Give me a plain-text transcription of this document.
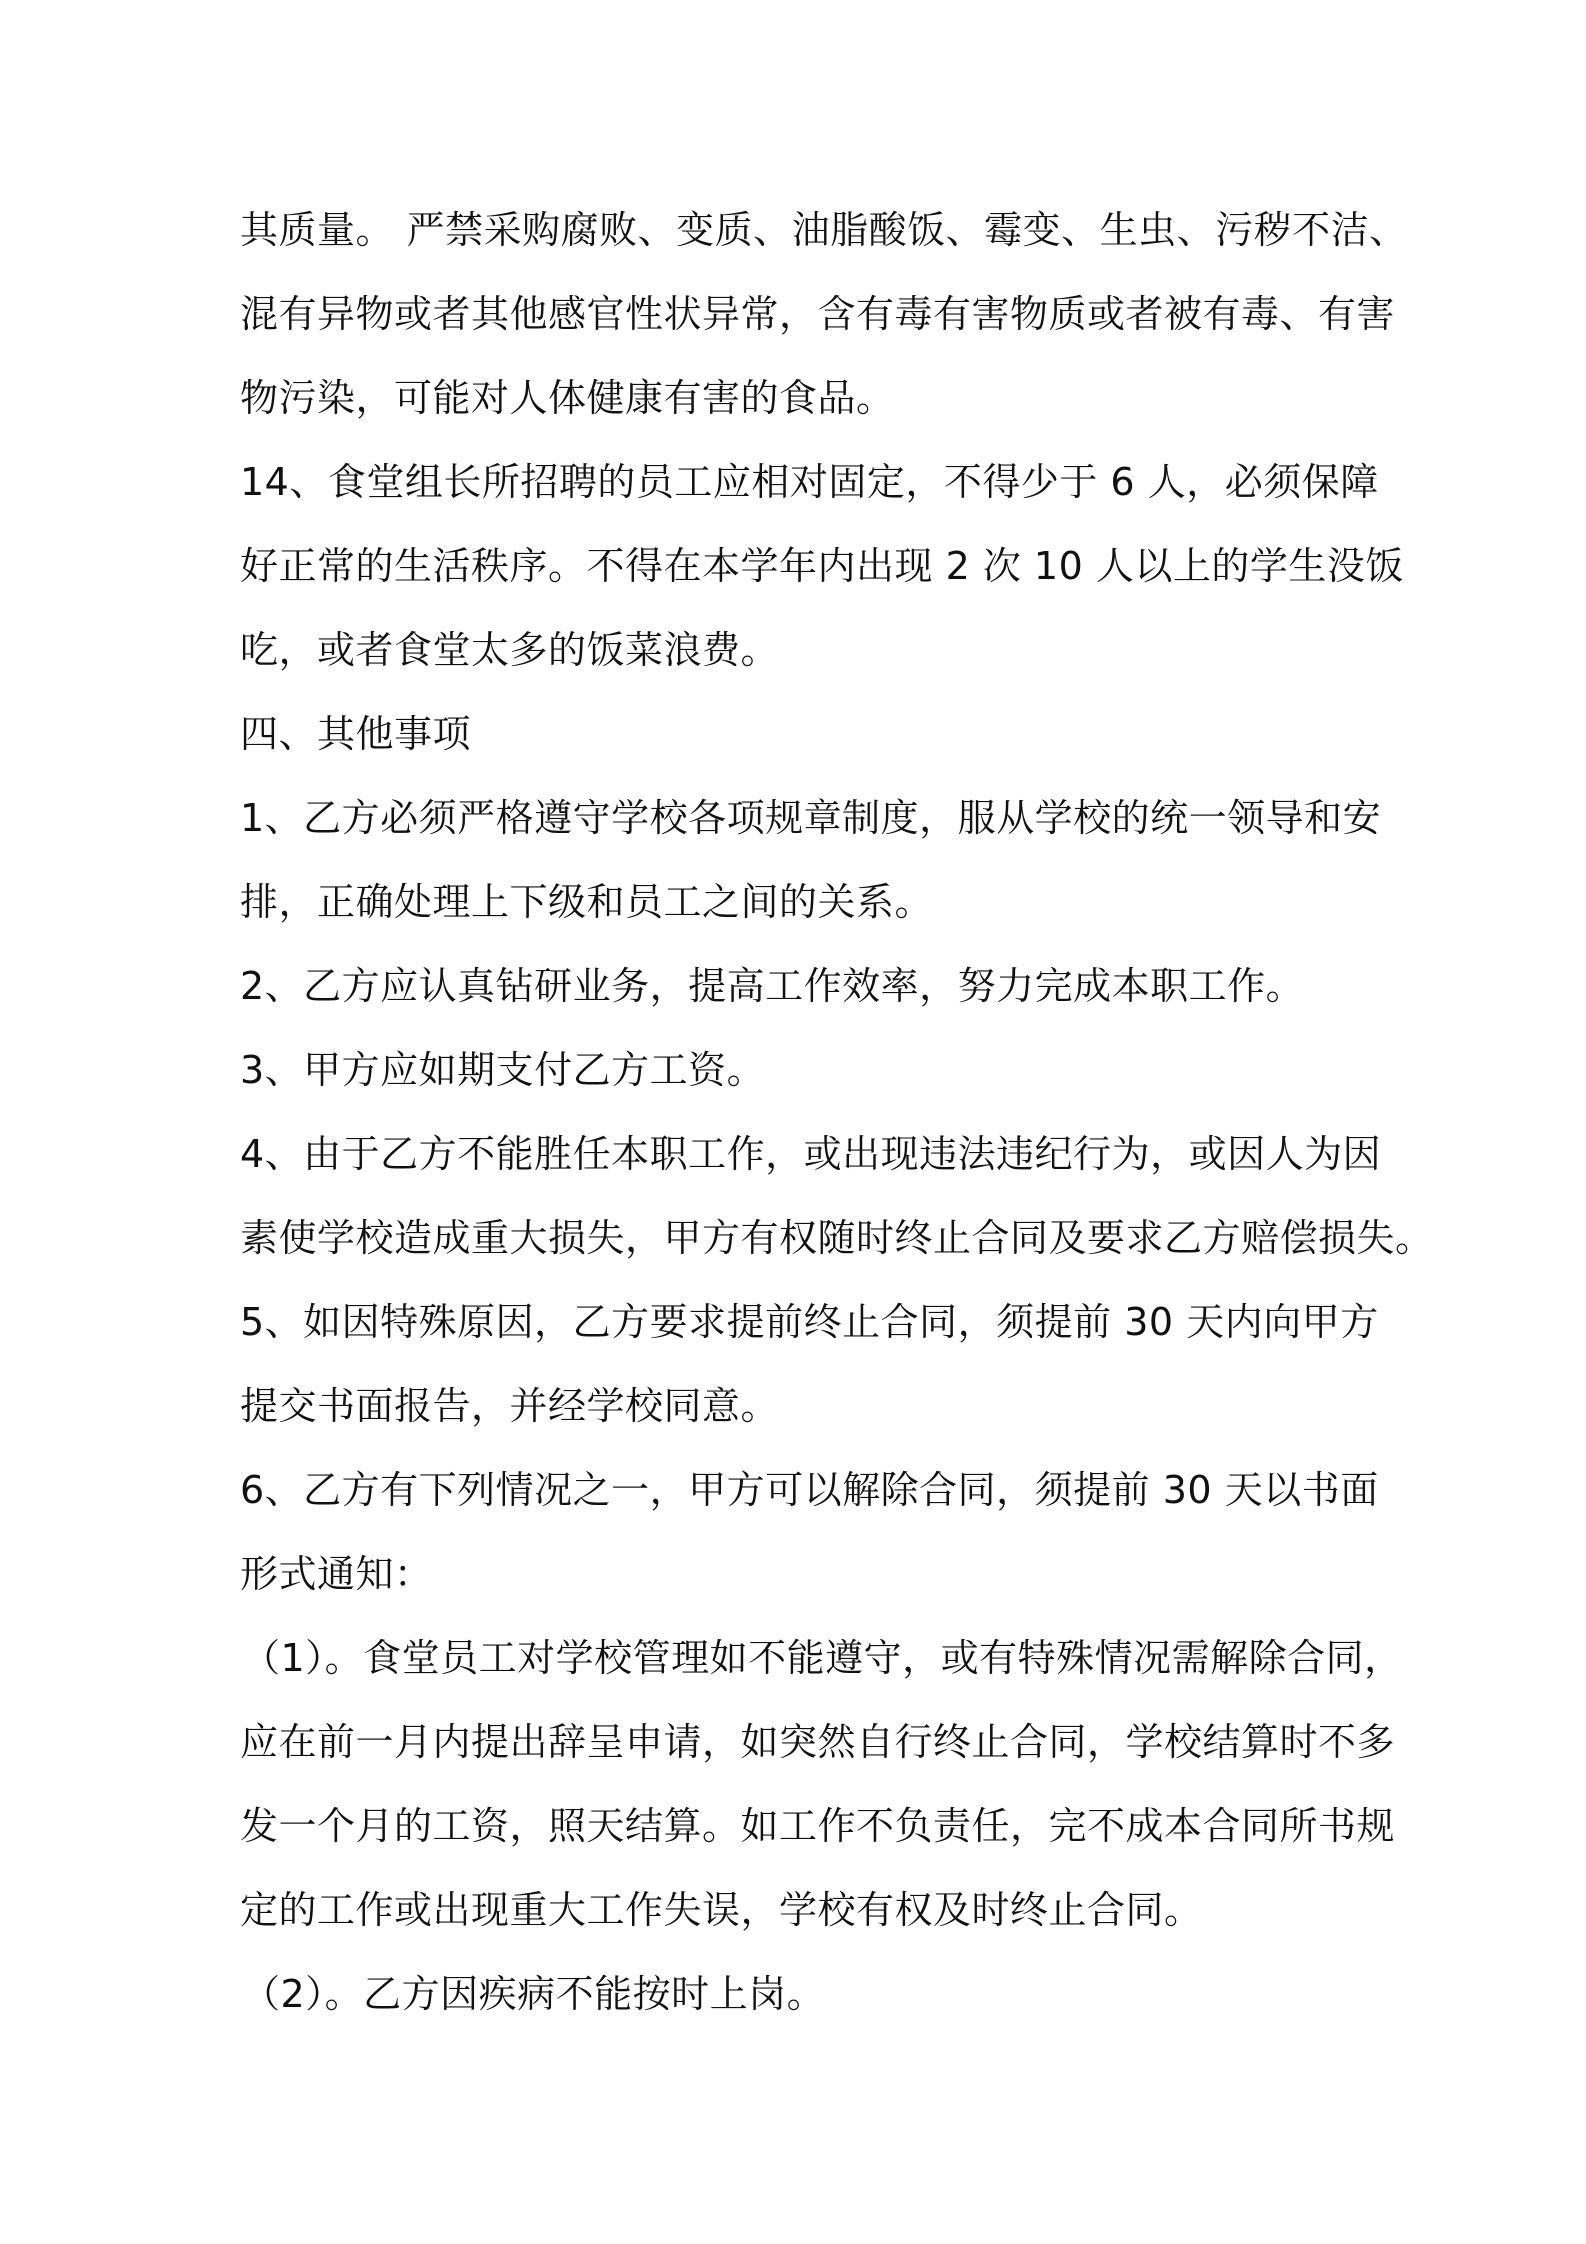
其质量。 严禁采购腐败、变质、油脂酸饭、霉变、生虫、污秽不洁、
混有异物或者其他感官性状异常，含有毒有害物质或者被有毒、有害
物污染，可能对人体健康有害的食品。
14、食堂组长所招聘的员工应相对固定，不得少于 6 人，必须保障
好正常的生活秩序。不得在本学年内出现 2 次 10 人以上的学生没饭
吃，或者食堂太多的饭菜浪费。
四、其他事项
1、乙方必须严格遵守学校各项规章制度，服从学校的统一领导和安
排，正确处理上下级和员工之间的关系。
2、乙方应认真钻研业务，提高工作效率，努力完成本职工作。
3、甲方应如期支付乙方工资。
4、由于乙方不能胜任本职工作，或出现违法违纪行为，或因人为因
素使学校造成重大损失，甲方有权随时终止合同及要求乙方赔偿损失。
5、如因特殊原因，乙方要求提前终止合同，须提前 30 天内向甲方
提交书面报告，并经学校同意。
6、乙方有下列情况之一，甲方可以解除合同，须提前 30 天以书面
形式通知：
（1）。食堂员工对学校管理如不能遵守，或有特殊情况需解除合同，
应在前一月内提出辞呈申请，如突然自行终止合同，学校结算时不多
发一个月的工资，照天结算。如工作不负责任，完不成本合同所书规
定的工作或出现重大工作失误，学校有权及时终止合同。
（2）。乙方因疾病不能按时上岗。
